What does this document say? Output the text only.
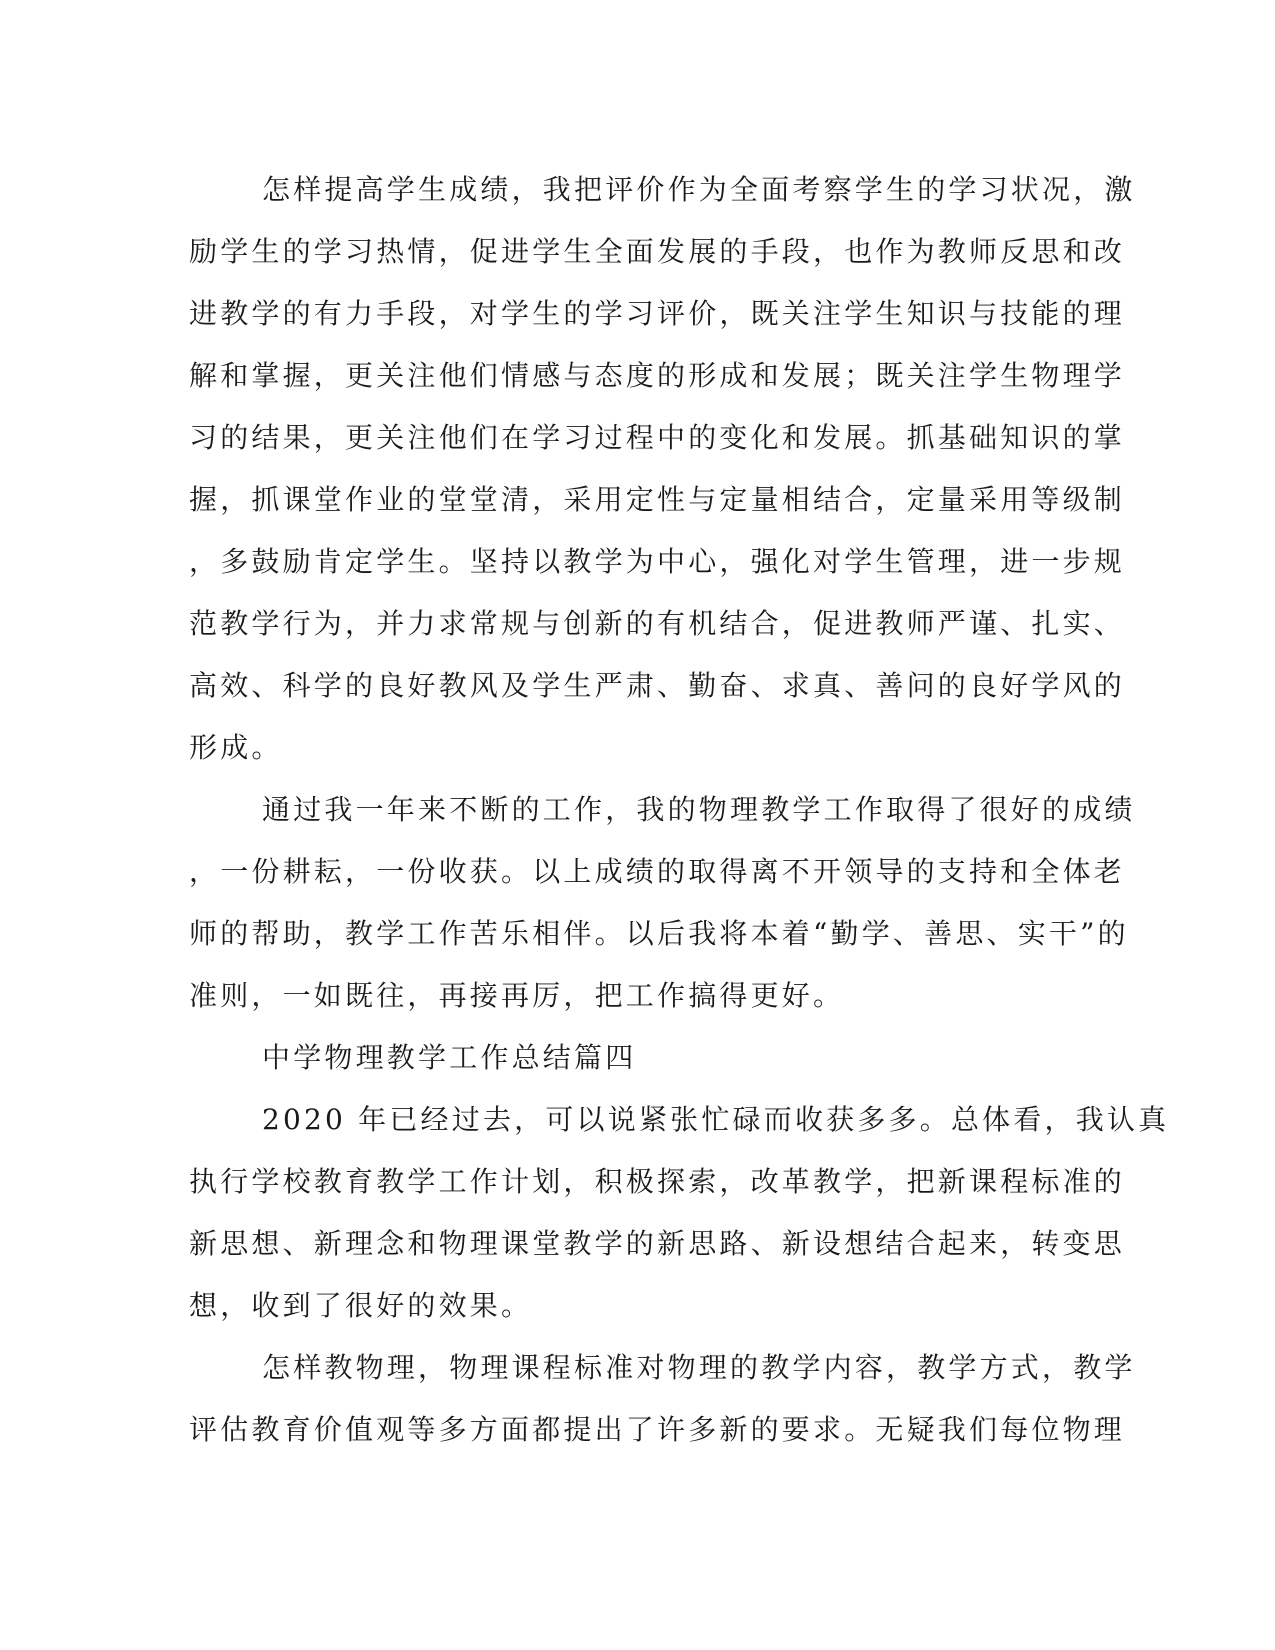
怎样提高学生成绩，我把评价作为全面考察学生的学习状况，激
励学生的学习热情，促进学生全面发展的手段，也作为教师反思和改
进教学的有力手段，对学生的学习评价，既关注学生知识与技能的理
解和掌握，更关注他们情感与态度的形成和发展；既关注学生物理学
习的结果，更关注他们在学习过程中的变化和发展。抓基础知识的掌
握，抓课堂作业的堂堂清，采用定性与定量相结合，定量采用等级制
，多鼓励肯定学生。坚持以教学为中心，强化对学生管理，进一步规
范教学行为，并力求常规与创新的有机结合，促进教师严谨、扎实、
高效、科学的良好教风及学生严肃、勤奋、求真、善问的良好学风的
形成。
通过我一年来不断的工作，我的物理教学工作取得了很好的成绩
，一份耕耘，一份收获。以上成绩的取得离不开领导的支持和全体老
师的帮助，教学工作苦乐相伴。以后我将本着“勤学、善思、实干”的
准则，一如既往，再接再厉，把工作搞得更好。
中学物理教学工作总结篇四
2020 年已经过去，可以说紧张忙碌而收获多多。总体看，我认真
执行学校教育教学工作计划，积极探索，改革教学，把新课程标准的
新思想、新理念和物理课堂教学的新思路、新设想结合起来，转变思
想，收到了很好的效果。
怎样教物理，物理课程标准对物理的教学内容，教学方式，教学
评估教育价值观等多方面都提出了许多新的要求。无疑我们每位物理
